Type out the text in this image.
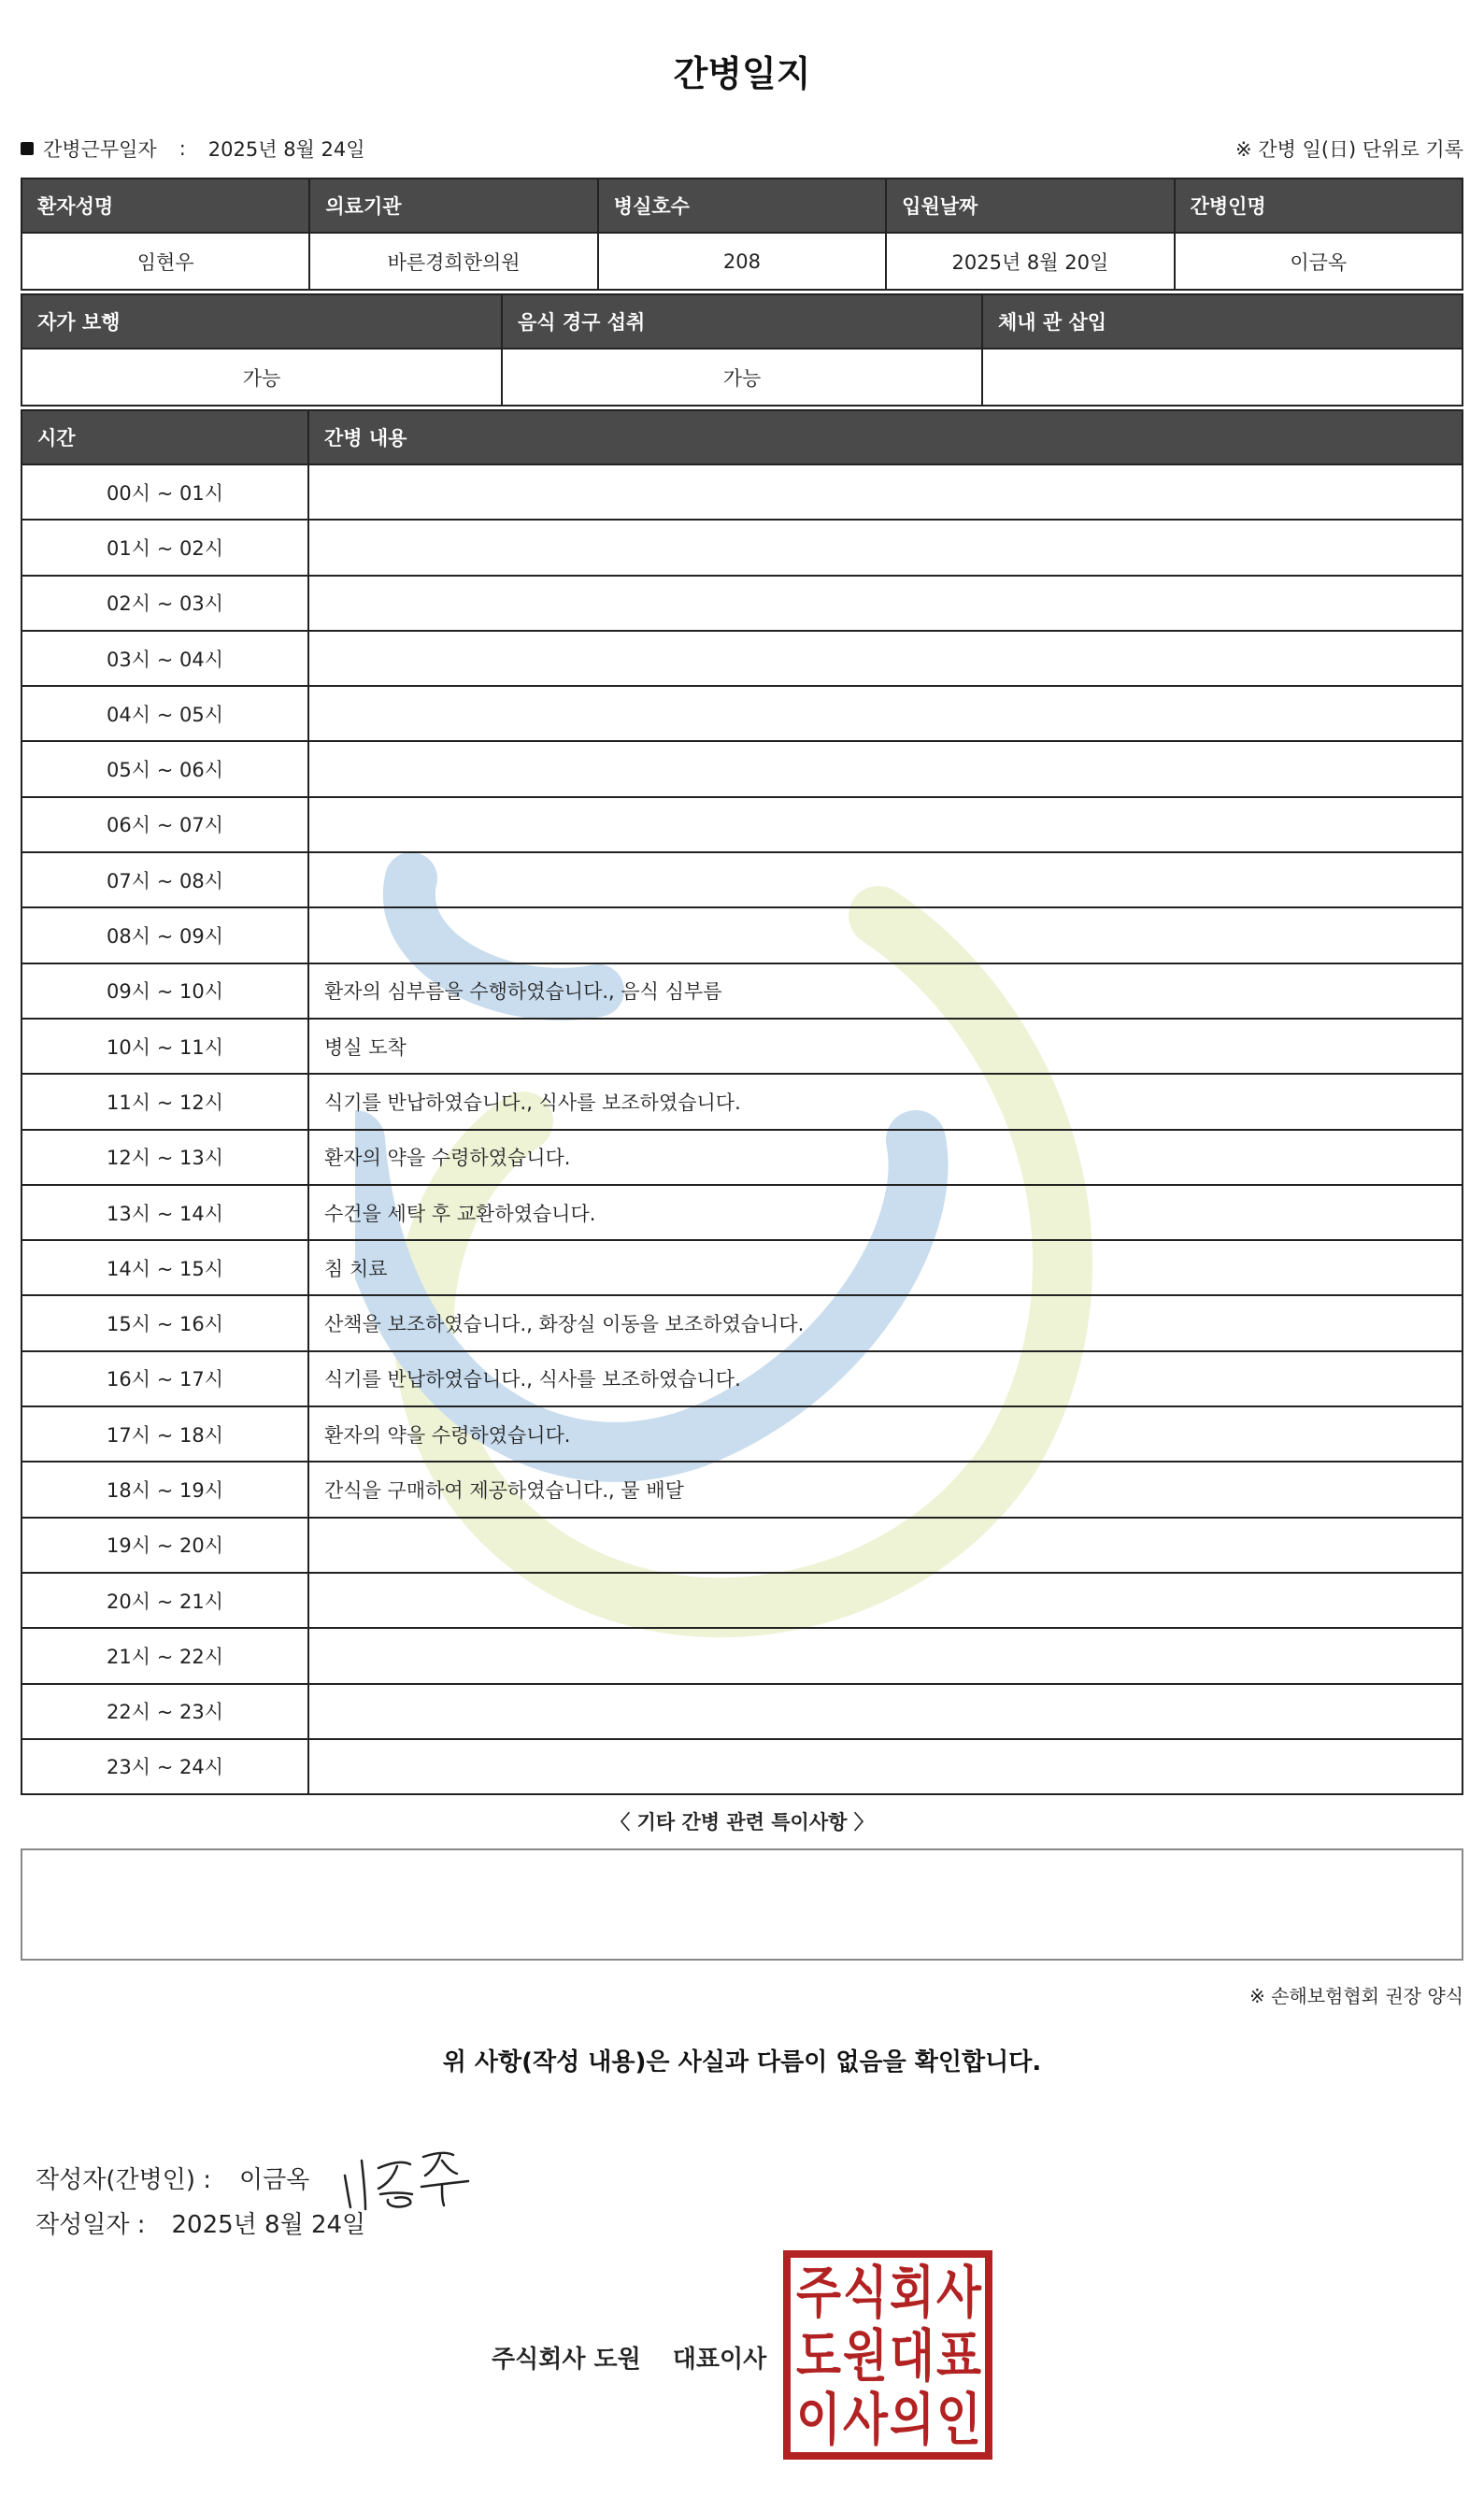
간병일지
간병근무일자 : 2025년 8월 24일	※ 간병 일(日) 단위로 기록
환자성명	의료기관	병실호수	입원날짜	간병인명
임현우	바른경희한의원	208	2025년 8월 20일	이금옥
자가 보행	음식 경구 섭취	체내 관 삽입
가능	가능	
시간	간병 내용
00시 ~ 01시	
01시 ~ 02시	
02시 ~ 03시	
03시 ~ 04시	
04시 ~ 05시	
05시 ~ 06시	
06시 ~ 07시	
07시 ~ 08시	
08시 ~ 09시	
09시 ~ 10시	환자의 심부름을 수행하였습니다., 음식 심부름
10시 ~ 11시	병실 도착
11시 ~ 12시	식기를 반납하였습니다., 식사를 보조하였습니다.
12시 ~ 13시	환자의 약을 수령하였습니다.
13시 ~ 14시	수건을 세탁 후 교환하였습니다.
14시 ~ 15시	침 치료
15시 ~ 16시	산책을 보조하였습니다., 화장실 이동을 보조하였습니다.
16시 ~ 17시	식기를 반납하였습니다., 식사를 보조하였습니다.
17시 ~ 18시	환자의 약을 수령하였습니다.
18시 ~ 19시	간식을 구매하여 제공하였습니다., 물 배달
19시 ~ 20시	
20시 ~ 21시	
21시 ~ 22시	
22시 ~ 23시	
23시 ~ 24시	
〈 기타 간병 관련 특이사항 〉
※ 손해보험협회 권장 양식
위 사항(작성 내용)은 사실과 다름이 없음을 확인합니다.
작성자(간병인) : 이금옥
작성일자 : 2025년 8월 24일
주식회사 도원 대표이사
주 식 회 사
도 원 대 표
이 사 의 인
